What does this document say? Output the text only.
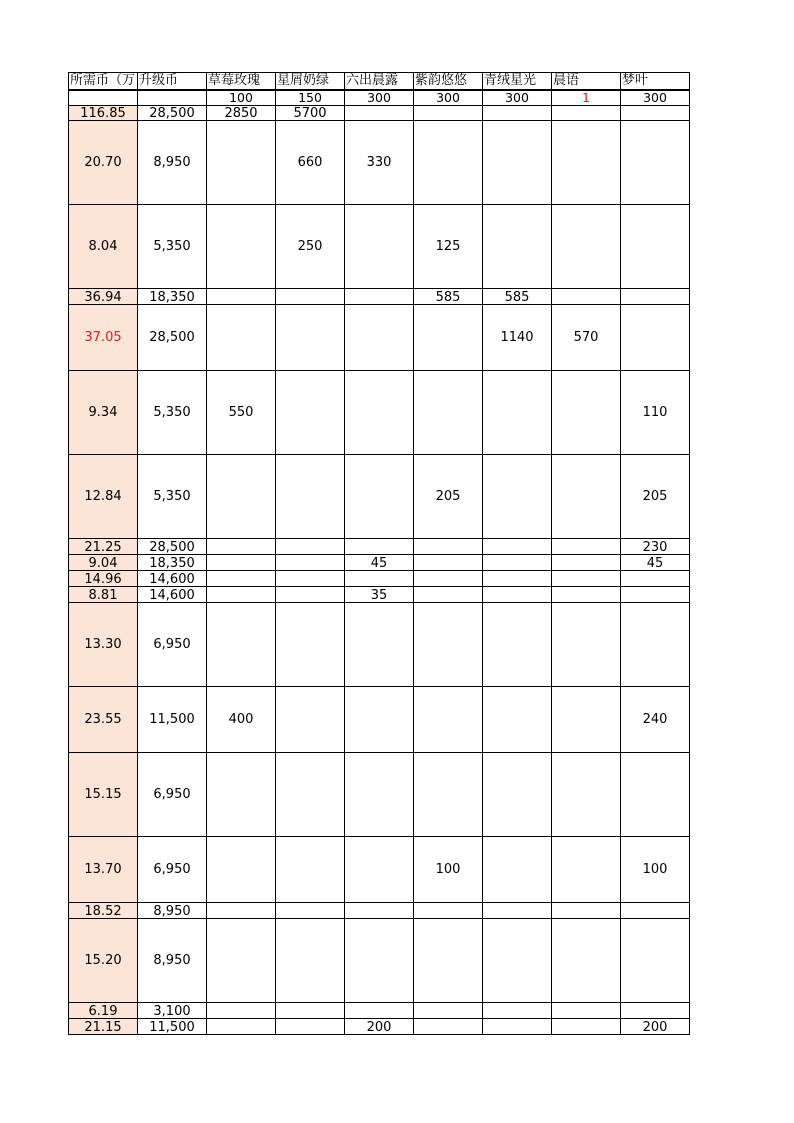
所需币（万	升级币	草莓玫瑰	星屑奶绿	六出晨露	紫韵悠悠	青绒星光	晨语	梦叶
		100	150	300	300	300	1	300
116.85	28,500	2850	5700					
20.70	8,950		660	330				
8.04	5,350		250		125			
36.94	18,350				585	585		
37.05	28,500					1140	570	
9.34	5,350	550						110
12.84	5,350				205			205
21.25	28,500							230
9.04	18,350			45				45
14.96	14,600							
8.81	14,600			35				
13.30	6,950							
23.55	11,500	400						240
15.15	6,950							
13.70	6,950				100			100
18.52	8,950							
15.20	8,950							
6.19	3,100							
21.15	11,500			200				200
